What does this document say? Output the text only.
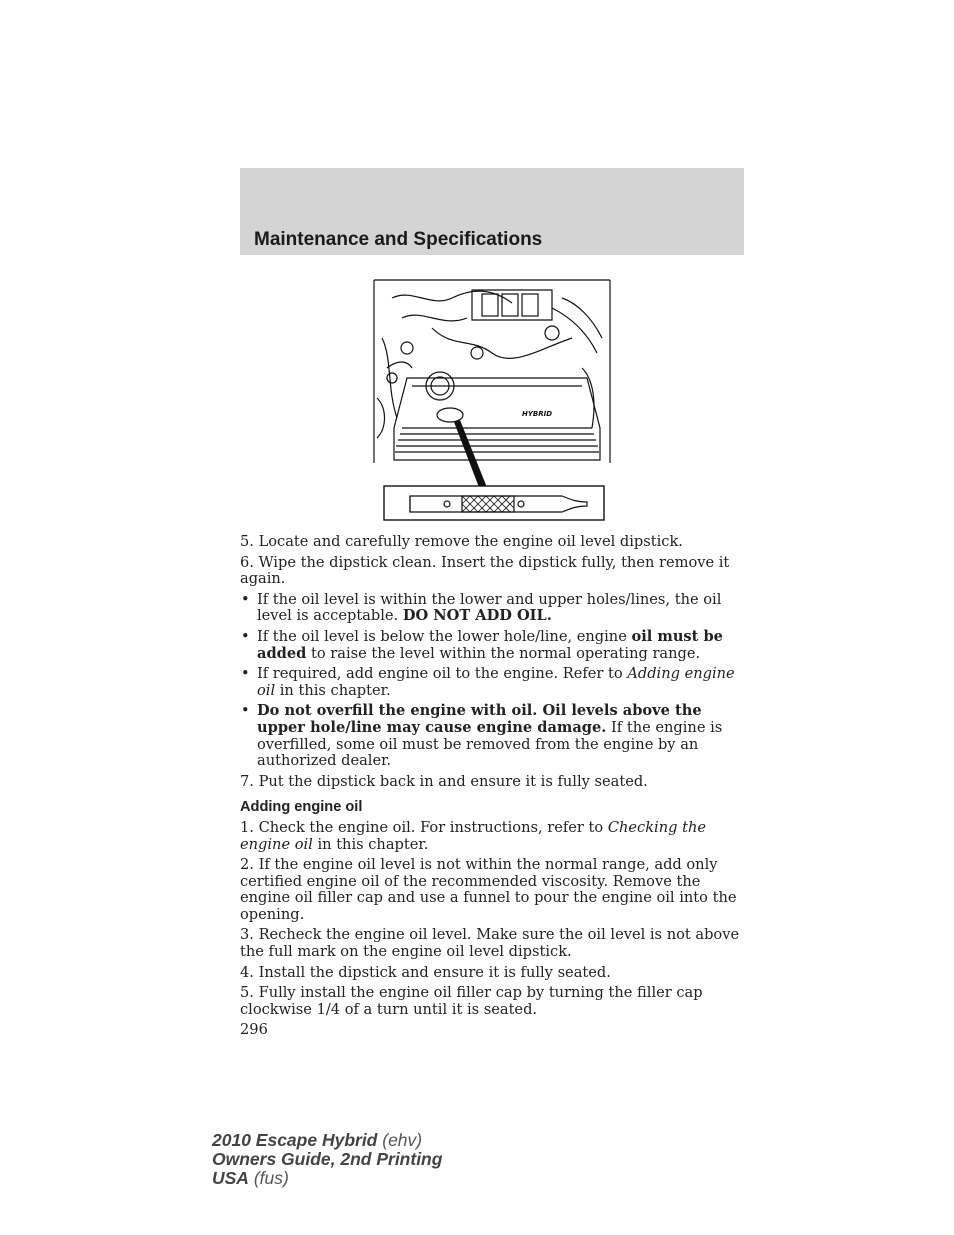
Maintenance and Specifications
HYBRID

5. Locate and carefully remove the engine oil level dipstick.

6. Wipe the dipstick clean. Insert the dipstick fully, then remove it again.

• If the oil level is within the lower and upper holes/lines, the oil level is acceptable. DO NOT ADD OIL.
• If the oil level is below the lower hole/line, engine oil must be added to raise the level within the normal operating range.
• If required, add engine oil to the engine. Refer to Adding engine oil in this chapter.
• Do not overfill the engine with oil. Oil levels above the upper hole/line may cause engine damage. If the engine is overfilled, some oil must be removed from the engine by an authorized dealer.

7. Put the dipstick back in and ensure it is fully seated.

Adding engine oil

1. Check the engine oil. For instructions, refer to Checking the engine oil in this chapter.

2. If the engine oil level is not within the normal range, add only certified engine oil of the recommended viscosity. Remove the engine oil filler cap and use a funnel to pour the engine oil into the opening.

3. Recheck the engine oil level. Make sure the oil level is not above the full mark on the engine oil level dipstick.

4. Install the dipstick and ensure it is fully seated.

5. Fully install the engine oil filler cap by turning the filler cap clockwise 1/4 of a turn until it is seated.

296
2010 Escape Hybrid (ehv)
Owners Guide, 2nd Printing
USA (fus)
